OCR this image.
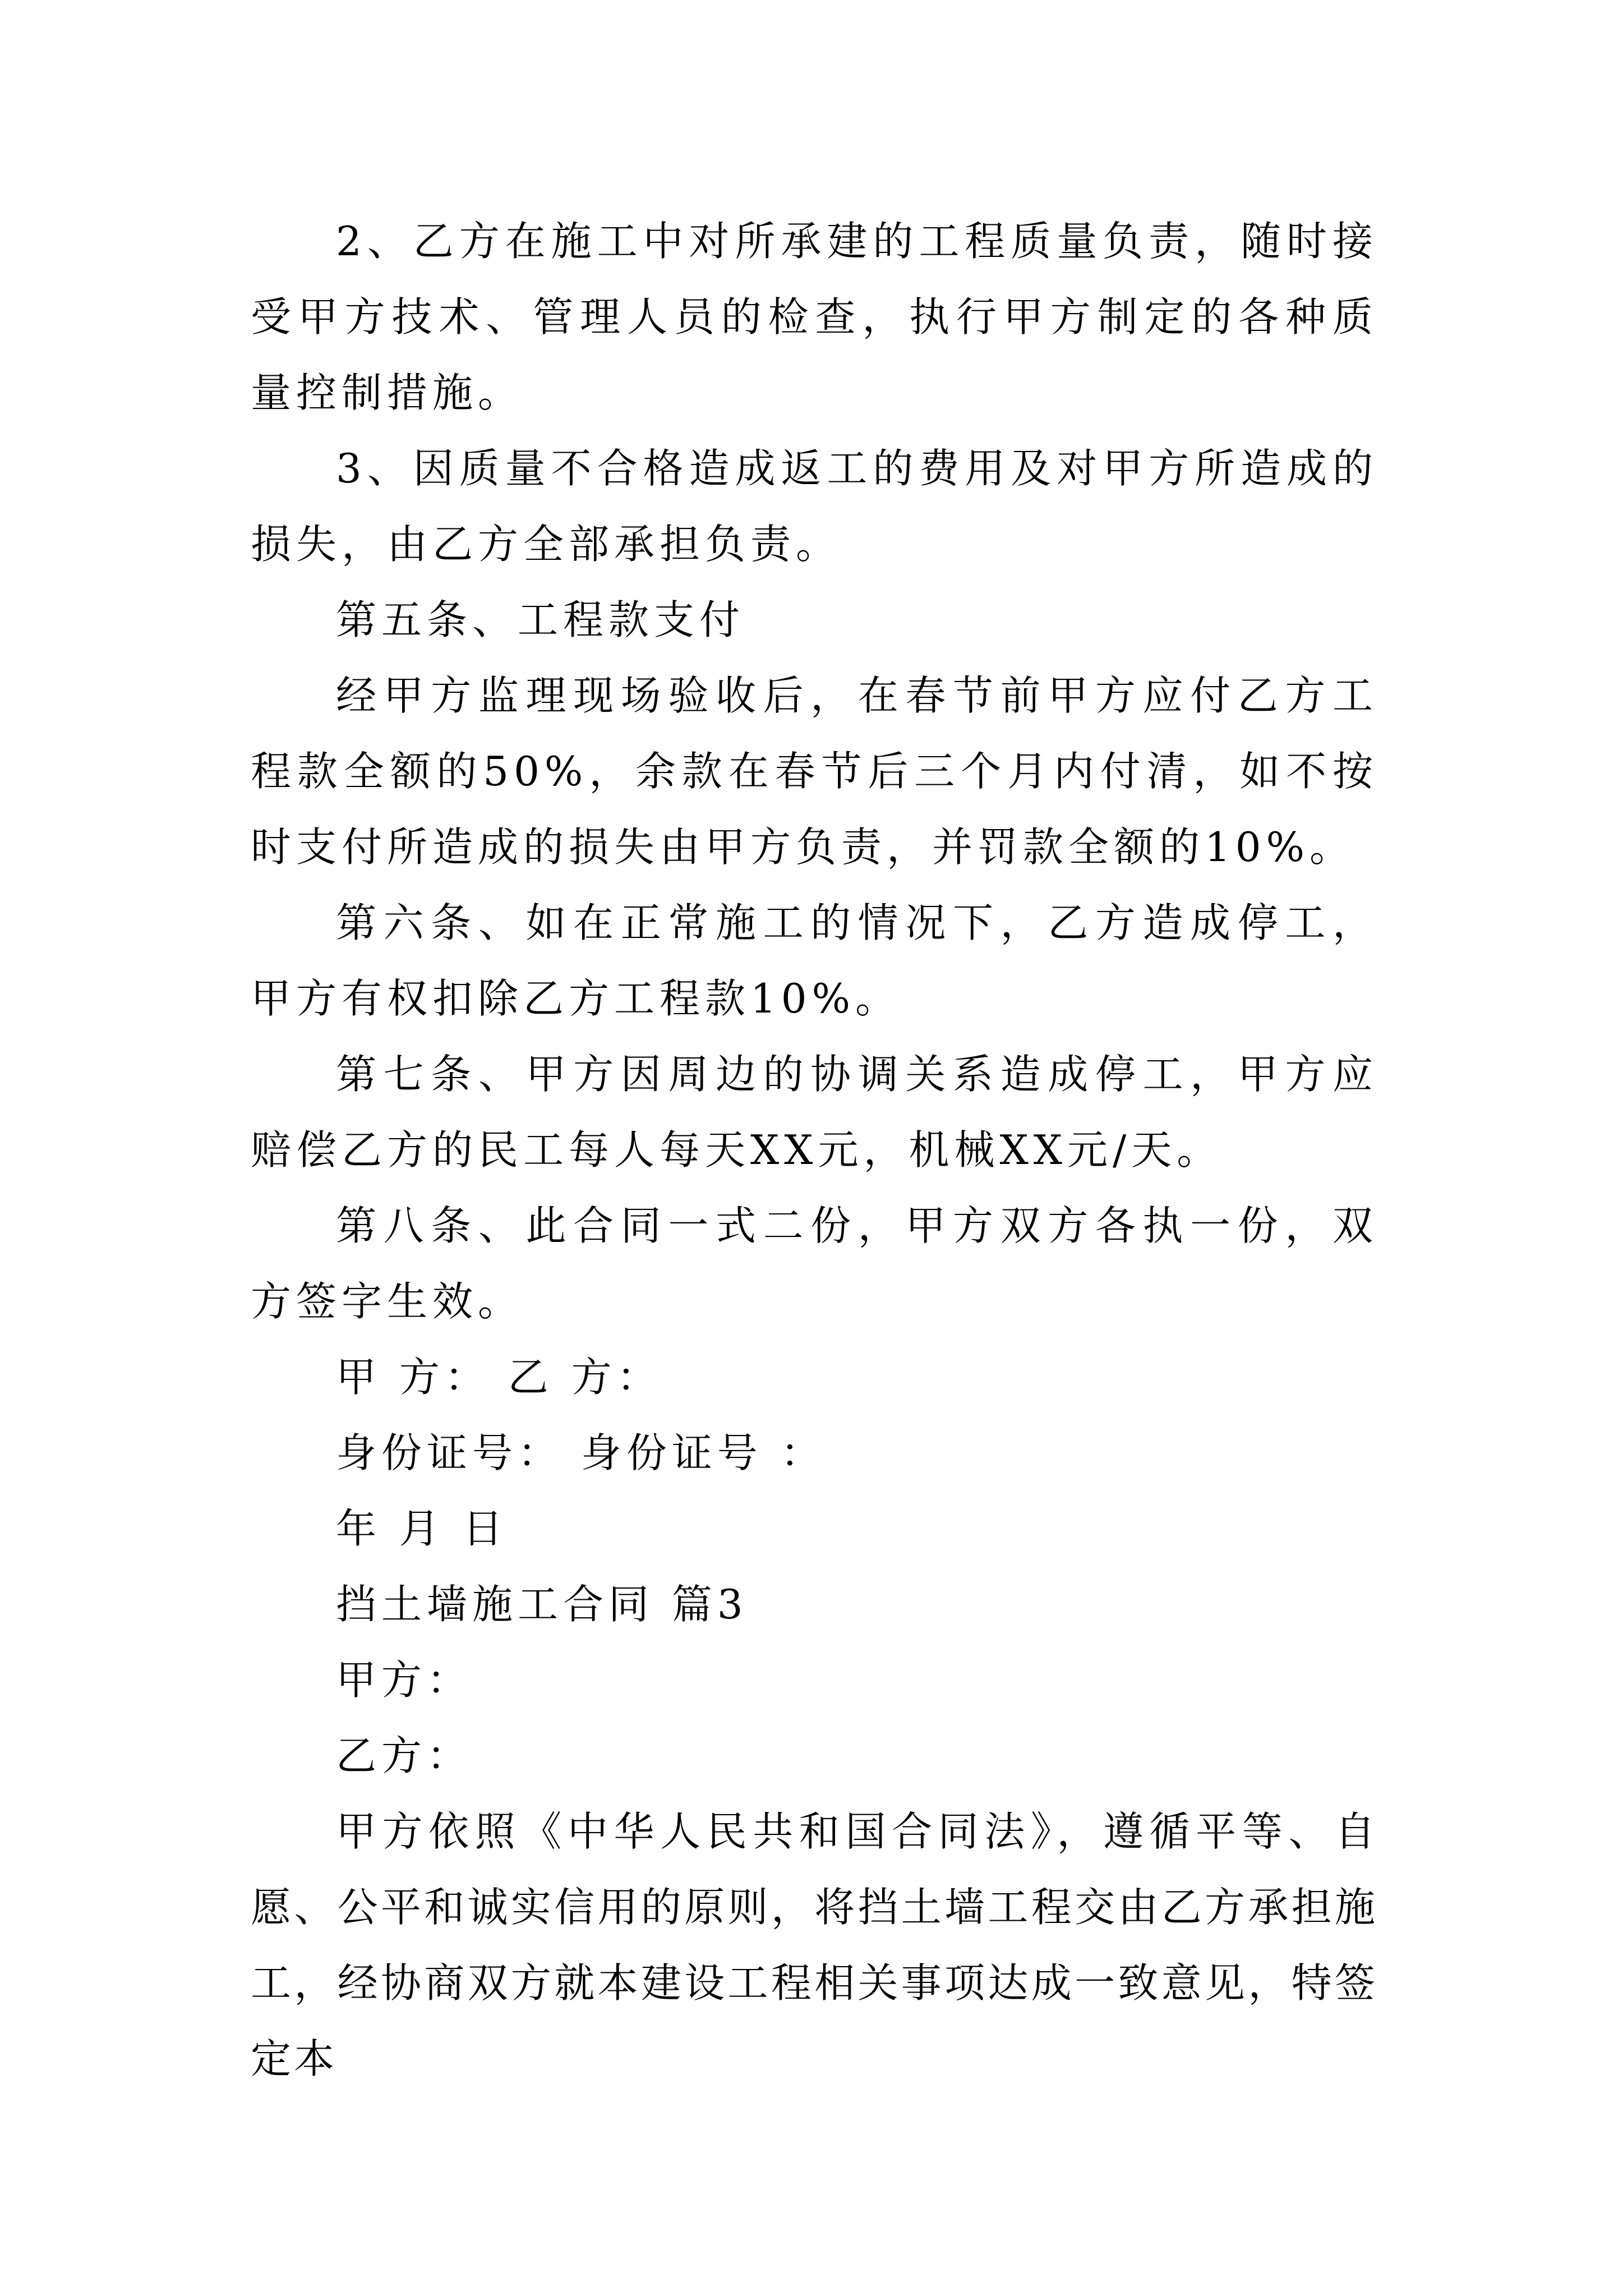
2、乙方在施工中对所承建的工程质量负责，随时接受甲方技术、管理人员的检查，执行甲方制定的各种质量控制措施。

3、因质量不合格造成返工的费用及对甲方所造成的损失，由乙方全部承担负责。

第五条、工程款支付

经甲方监理现场验收后，在春节前甲方应付乙方工程款全额的50%，余款在春节后三个月内付清，如不按时支付所造成的损失由甲方负责，并罚款全额的10%。

第六条、如在正常施工的情况下，乙方造成停工，甲方有权扣除乙方工程款10%。

第七条、甲方因周边的协调关系造成停工，甲方应赔偿乙方的民工每人每天XX元，机械XX元/天。

第八条、此合同一式二份，甲方双方各执一份，双方签字生效。

甲 方： 乙 方：

身份证号： 身份证号 ：

年 月 日

挡土墙施工合同 篇3

甲方：

乙方：

甲方依照《中华人民共和国合同法》，遵循平等、自愿、公平和诚实信用的原则，将挡土墙工程交由乙方承担施工，经协商双方就本建设工程相关事项达成一致意见，特签定本
